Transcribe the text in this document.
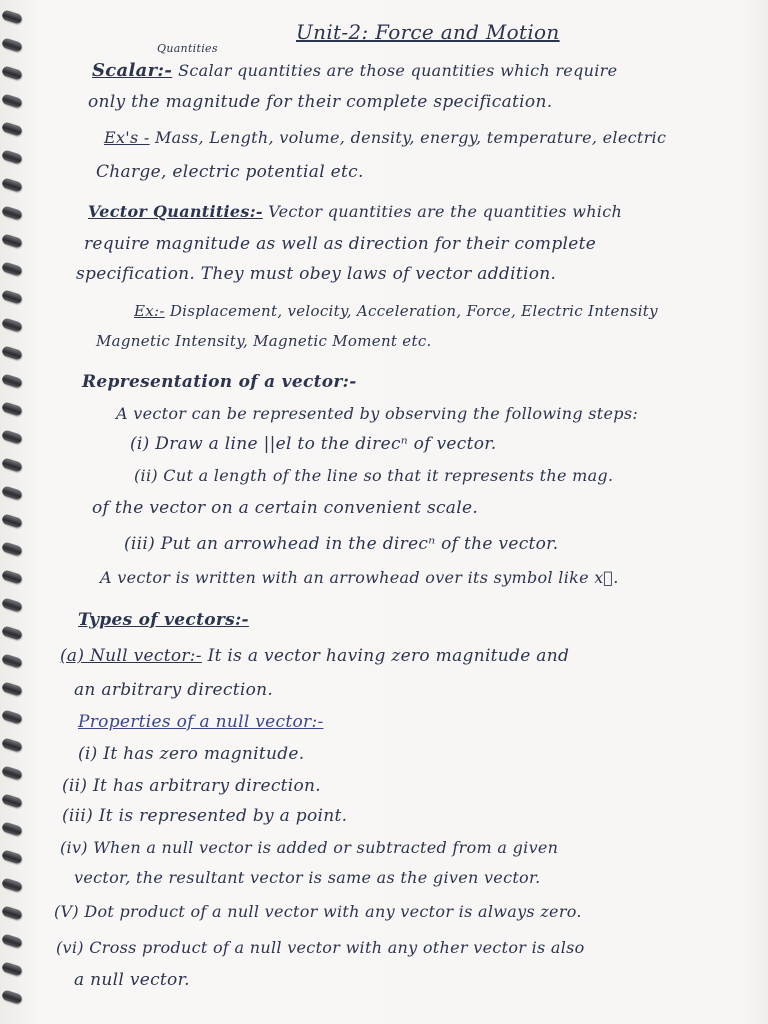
Unit-2: Force and Motion
Quantities
Scalar:- Scalar quantities are those quantities which require
only the magnitude for their complete specification.
Ex's - Mass, Length, volume, density, energy, temperature, electric
Charge, electric potential etc.
Vector Quantities:- Vector quantities are the quantities which
require magnitude as well as direction for their complete
specification. They must obey laws of vector addition.
Ex:- Displacement, velocity, Acceleration, Force, Electric Intensity
Magnetic Intensity, Magnetic Moment etc.
Representation of a vector:-
A vector can be represented by observing the following steps:
(i) Draw a line ||el to the direcⁿ of vector.
(ii) Cut a length of the line so that it represents the mag.
of the vector on a certain convenient scale.
(iii) Put an arrowhead in the direcⁿ of the vector.
A vector is written with an arrowhead over its symbol like x⃗.
Types of vectors:-
(a) Null vector:- It is a vector having zero magnitude and
an arbitrary direction.
Properties of a null vector:-
(i) It has zero magnitude.
(ii) It has arbitrary direction.
(iii) It is represented by a point.
(iv) When a null vector is added or subtracted from a given
vector, the resultant vector is same as the given vector.
(V) Dot product of a null vector with any vector is always zero.
(vi) Cross product of a null vector with any other vector is also
a null vector.
